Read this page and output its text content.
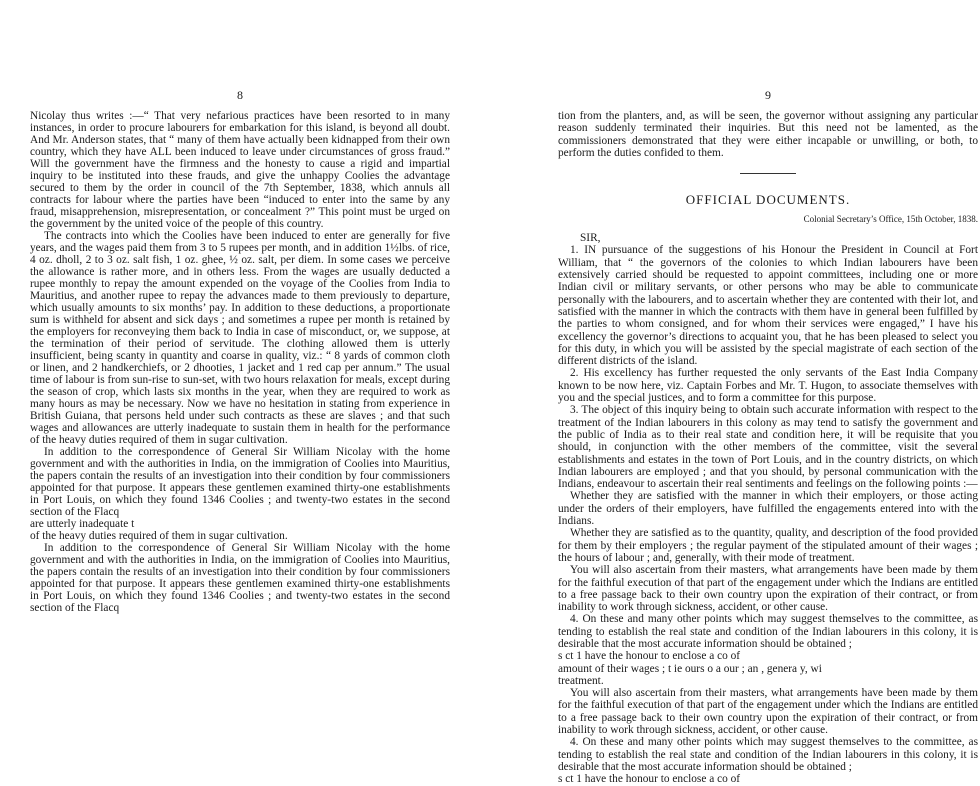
8

Nicolay thus writes :—“ That very nefarious practices have been resorted to in many instances, in order to procure labourers for embarkation for this island, is beyond all doubt. And Mr. Anderson states, that “ many of them have actually been kidnapped from their own country, which they have ALL been induced to leave under circumstances of gross fraud.” Will the government have the firmness and the honesty to cause a rigid and impartial inquiry to be instituted into these frauds, and give the unhappy Coolies the advantage secured to them by the order in council of the 7th September, 1838, which annuls all contracts for labour where the parties have been “induced to enter into the same by any fraud, misapprehension, misrepresentation, or concealment ?” This point must be urged on the government by the united voice of the people of this country.

The contracts into which the Coolies have been induced to enter are generally for five years, and the wages paid them from 3 to 5 rupees per month, and in addition 1½lbs. of rice, 4 oz. dholl, 2 to 3 oz. salt fish, 1 oz. ghee, ½ oz. salt, per diem. In some cases we perceive the allowance is rather more, and in others less. From the wages are usually deducted a rupee monthly to repay the amount expended on the voyage of the Coolies from India to Mauritius, and another rupee to repay the advances made to them previously to departure, which usually amounts to six months’ pay. In addition to these deductions, a proportionate sum is withheld for absent and sick days ; and sometimes a rupee per month is retained by the employers for reconveying them back to India in case of misconduct, or, we suppose, at the termination of their period of servitude. The clothing allowed them is utterly insufficient, being scanty in quantity and coarse in quality, viz.: “ 8 yards of common cloth or linen, and 2 handkerchiefs, or 2 dhooties, 1 jacket and 1 red cap per annum.” The usual time of labour is from sun-rise to sun-set, with two hours relaxation for meals, except during the season of crop, which lasts six months in the year, when they are required to work as many hours as may be necessary. Now we have no hesitation in stating from experience in British Guiana, that persons held under such contracts as these are slaves ; and that such wages and allowances are utterly inadequate to sustain them in health for the performance of the heavy duties required of them in sugar cultivation.

In addition to the correspondence of General Sir William Nicolay with the home government and with the authorities in India, on the immigration of Coolies into Mauritius, the papers contain the results of an investigation into their condition by four commissioners appointed for that purpose. It appears these gentlemen examined thirty-one establishments in Port Louis, on which they found 1346 Coolies ; and twenty-two estates in the second section of the Flacq

are utterly inadequate t

of the heavy duties required of them in sugar cultivation.

In addition to the correspondence of General Sir William Nicolay with the home government and with the authorities in India, on the immigration of Coolies into Mauritius, the papers contain the results of an investigation into their condition by four commissioners appointed for that purpose. It appears these gentlemen examined thirty-one establishments in Port Louis, on which they found 1346 Coolies ; and twenty-two estates in the second section of the Flacq

9

tion from the planters, and, as will be seen, the governor without assigning any particular reason suddenly terminated their inquiries. But this need not be lamented, as the commissioners demonstrated that they were either incapable or unwilling, or both, to perform the duties confided to them.

OFFICIAL DOCUMENTS.
Colonial Secretary’s Office, 15th October, 1838.

SIR,

1. IN pursuance of the suggestions of his Honour the President in Council at Fort William, that “ the governors of the colonies to which Indian labourers have been extensively carried should be requested to appoint committees, including one or more Indian civil or military servants, or other persons who may be able to communicate personally with the labourers, and to ascertain whether they are contented with their lot, and satisfied with the manner in which the contracts with them have in general been fulfilled by the parties to whom consigned, and for whom their services were engaged,” I have his excellency the governor’s directions to acquaint you, that he has been pleased to select you for this duty, in which you will be assisted by the special magistrate of each section of the different districts of the island.

2. His excellency has further requested the only servants of the East India Company known to be now here, viz. Captain Forbes and Mr. T. Hugon, to associate themselves with you and the special justices, and to form a committee for this purpose.

3. The object of this inquiry being to obtain such accurate information with respect to the treatment of the Indian labourers in this colony as may tend to satisfy the government and the public of India as to their real state and condition here, it will be requisite that you should, in conjunction with the other members of the committee, visit the several establishments and estates in the town of Port Louis, and in the country districts, on which Indian labourers are employed ; and that you should, by personal communication with the Indians, endeavour to ascertain their real sentiments and feelings on the following points :—

Whether they are satisfied with the manner in which their employers, or those acting under the orders of their employers, have fulfilled the engagements entered into with the Indians.

Whether they are satisfied as to the quantity, quality, and description of the food provided for them by their employers ; the regular payment of the stipulated amount of their wages ; the hours of labour ; and, generally, with their mode of treatment.

You will also ascertain from their masters, what arrangements have been made by them for the faithful execution of that part of the engagement under which the Indians are entitled to a free passage back to their own country upon the expiration of their contract, or from inability to work through sickness, accident, or other cause.

4. On these and many other points which may suggest themselves to the committee, as tending to establish the real state and condition of the Indian labourers in this colony, it is desirable that the most accurate information should be obtained ;

s ct 1 have the honour to enclose a co of

amount of their wages ; t ie ours o a our ; an , genera y, wi

treatment.

You will also ascertain from their masters, what arrangements have been made by them for the faithful execution of that part of the engagement under which the Indians are entitled to a free passage back to their own country upon the expiration of their contract, or from inability to work through sickness, accident, or other cause.

4. On these and many other points which may suggest themselves to the committee, as tending to establish the real state and condition of the Indian labourers in this colony, it is desirable that the most accurate information should be obtained ;

s ct 1 have the honour to enclose a co of
